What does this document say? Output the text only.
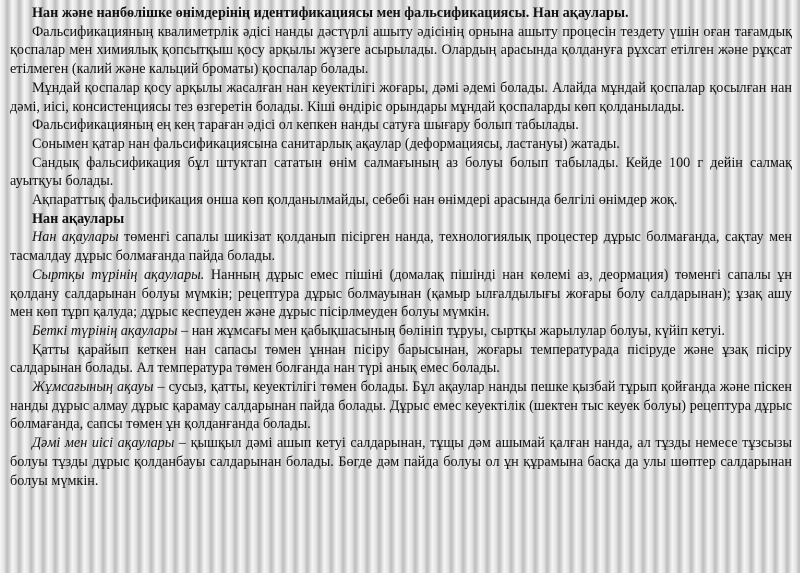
Нан және нанбөлішке өнімдерінің идентификациясы мен фальсификациясы. Нан ақаулары.

Фальсификацияның квалиметрлік әдісі нанды дәстүрлі ашыту әдісінің орнына ашыту процесін тездету үшін оған тағамдық қоспалар мен химиялық қопсытқыш қосу арқылы жүзеге асырылады. Олардың арасында қолдануға рұхсат етілген және рұқсат етілмеген (калий және кальций броматы) қоспалар болады.

Мұндай қоспалар қосу арқылы жасалған нан кеуектілігі жоғары, дәмі әдемі болады. Алайда мұндай қоспалар қосылған нан дәмі, иісі, консистенциясы тез өзгеретін болады. Кіші өндіріс орындары мұндай қоспаларды көп қолданылады.

Фальсификацияның ең кең тараған әдісі ол кепкен нанды сатуға шығару болып табылады.

Сонымен қатар нан фальсификациясына санитарлық ақаулар (деформациясы, ластануы) жатады.

Сандық фальсификация бұл штуктап сататын өнім салмағының аз болуы болып табылады. Кейде 100 г дейін салмақ ауытқуы болады.

Ақпараттық фальсификация онша көп қолданылмайды, себебі нан өнімдері арасында белгілі өнімдер жоқ.

Нан ақаулары

Нан ақаулары төменгі сапалы шикізат қолданып пісірген нанда, технологиялық процестер дұрыс болмағанда, сақтау мен тасмалдау дұрыс болмағанда пайда болады.

Сыртқы түрінің ақаулары. Нанның дұрыс емес пішіні (домалақ пішінді нан көлемі аз, деормация) төменгі сапалы ұн қолдану салдарынан болуы мүмкін; рецептура дұрыс болмауынан (қамыр ылғалдылығы жоғары болу салдарынан); ұзақ ашу мен көп тұрп қалуда; дұрыс кеспеуден және дұрыс пісірлмеуден болуы мүмкін.

Беткі түрінің ақаулары – нан жұмсағы мен қабықшасының бөлініп тұруы, сыртқы жарылулар болуы, күйіп кетуі.

Қатты қарайып кеткен нан сапасы төмен ұннан пісіру барысынан, жоғары температурада пісіруде және ұзақ пісіру салдарынан болады. Ал температура төмен болғанда нан түрі анық емес болады.

Жұмсағының ақауы – сусыз, қатты, кеуектілігі төмен болады. Бұл ақаулар нанды пешке қызбай тұрып қойғанда және піскен нанды дұрыс алмау дұрыс қарамау салдарынан пайда болады. Дұрыс емес кеуектілік (шектен тыс кеуек болуы) рецептура дұрыс болмағанда, сапсы төмен ұн қолданғанда болады.

Дәмі мен иісі ақаулары – қышқыл дәмі ашып кетуі салдарынан, тұщы дәм ашымай қалған нанда, ал тұзды немесе тұзсызы болуы тұзды дұрыс қолданбауы салдарынан болады. Бөгде дәм пайда болуы ол ұн құрамына басқа да улы шөптер салдарынан болуы мүмкін.
